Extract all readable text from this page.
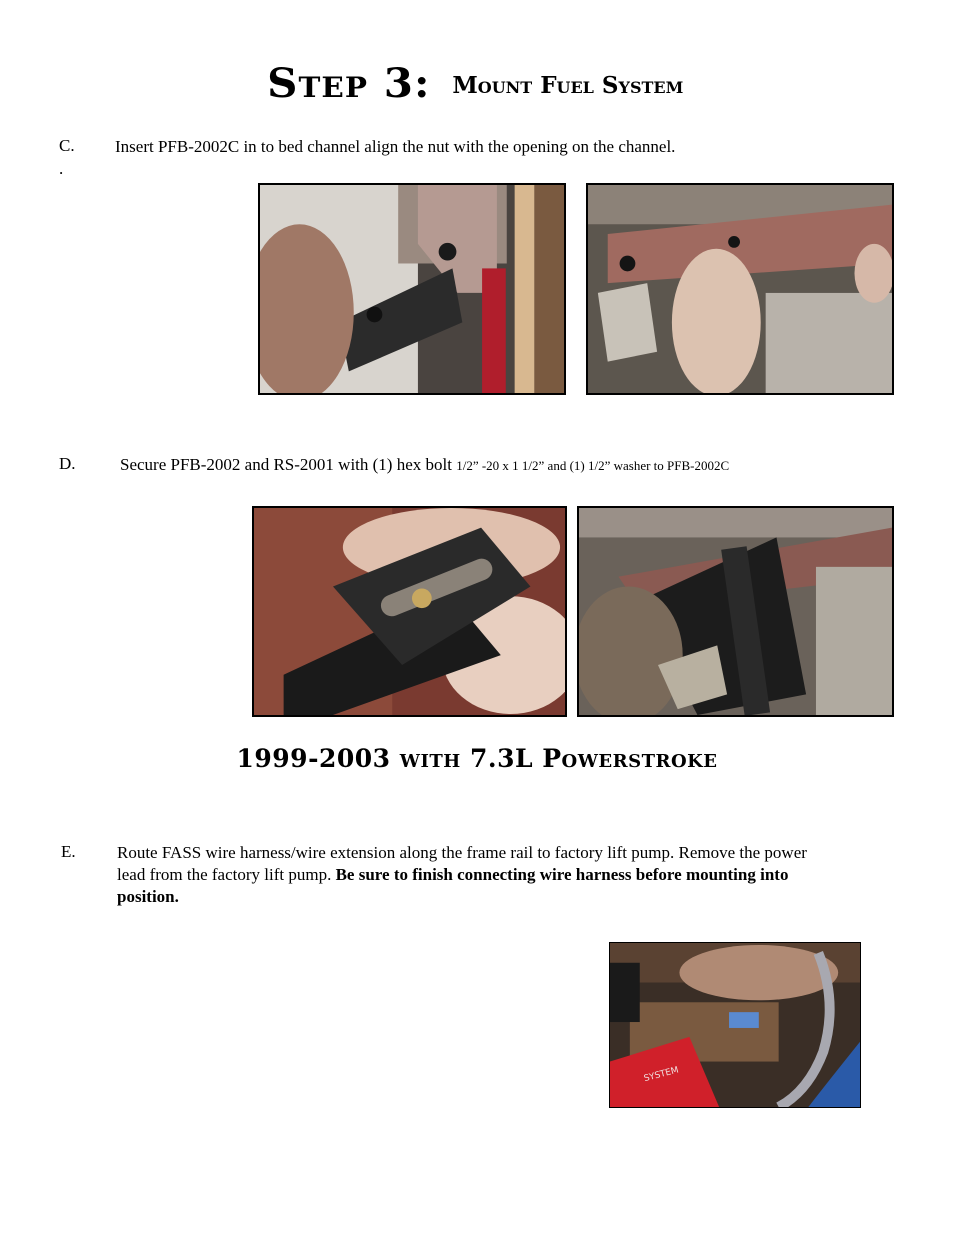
Step 3: Mount Fuel System
C. Insert PFB-2002C in to bed channel align the nut with the opening on the channel.
.
D.	Secure PFB-2002 and RS-2001 with (1) hex bolt 1/2” -20 x 1 1/2” and (1) 1/2” washer to PFB-2002C
1999-2003 with 7.3L Powerstroke
E. Route FASS wire harness/wire extension along the frame rail to factory lift pump. Remove the power
lead from the factory lift pump. Be sure to finish connecting wire harness before mounting into
position.
SYSTEM
